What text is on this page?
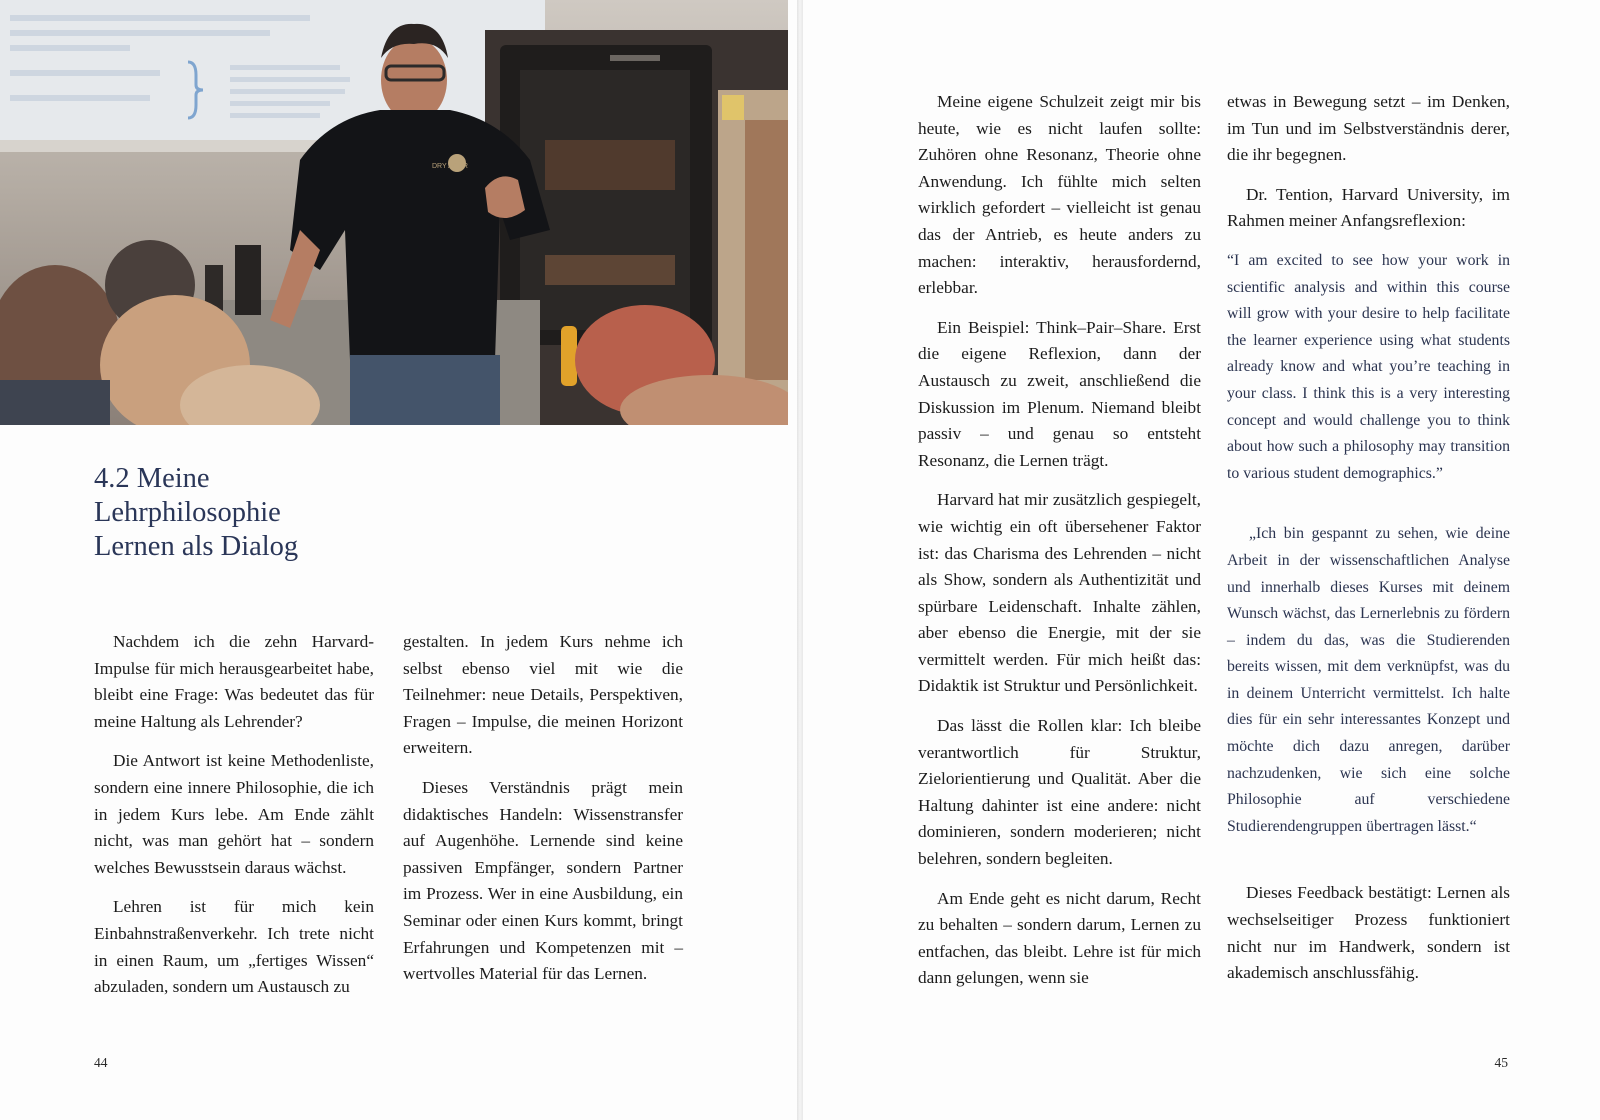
DRY AGER
4.2 Meine
Lehrphilosophie
Lernen als Dialog

Nachdem ich die zehn Harvard-Impulse für mich herausgearbeitet habe, bleibt eine Frage: Was bedeutet das für meine Haltung als Lehrender?

Die Antwort ist keine Methodenliste, sondern eine innere Philosophie, die ich in jedem Kurs lebe. Am Ende zählt nicht, was man gehört hat – sondern welches Bewusstsein daraus wächst.

Lehren ist für mich kein Einbahnstraßenverkehr. Ich trete nicht in einen Raum, um „fertiges Wissen“ abzuladen, sondern um Austausch zu

gestalten. In jedem Kurs nehme ich selbst ebenso viel mit wie die Teilnehmer: neue Details, Perspektiven, Fragen – Impulse, die meinen Horizont erweitern.

Dieses Verständnis prägt mein didaktisches Handeln: Wissenstransfer auf Augenhöhe. Lernende sind keine passiven Empfänger, sondern Partner im Prozess. Wer in eine Ausbildung, ein Seminar oder einen Kurs kommt, bringt Erfahrungen und Kompetenzen mit – wertvolles Material für das Lernen.

44

Meine eigene Schulzeit zeigt mir bis heute, wie es nicht laufen sollte: Zuhören ohne Resonanz, Theorie ohne Anwendung. Ich fühlte mich selten wirklich gefordert – vielleicht ist genau das der Antrieb, es heute anders zu machen: interaktiv, herausfordernd, erlebbar.

Ein Beispiel: Think–Pair–Share. Erst die eigene Reflexion, dann der Austausch zu zweit, anschließend die Diskussion im Plenum. Niemand bleibt passiv – und genau so entsteht Resonanz, die Lernen trägt.

Harvard hat mir zusätzlich gespiegelt, wie wichtig ein oft übersehener Faktor ist: das Charisma des Lehrenden – nicht als Show, sondern als Authentizität und spürbare Leidenschaft. Inhalte zählen, aber ebenso die Energie, mit der sie vermittelt werden. Für mich heißt das: Didaktik ist Struktur und Persönlichkeit.

Das lässt die Rollen klar: Ich bleibe verantwortlich für Struktur, Zielorientierung und Qualität. Aber die Haltung dahinter ist eine andere: nicht dominieren, sondern moderieren; nicht belehren, sondern begleiten.

Am Ende geht es nicht darum, Recht zu behalten – sondern darum, Lernen zu entfachen, das bleibt. Lehre ist für mich dann gelungen, wenn sie

etwas in Bewegung setzt – im Denken, im Tun und im Selbstverständnis derer, die ihr begegnen.

Dr. Tention, Harvard University, im Rahmen meiner Anfangsreflexion:

“I am excited to see how your work in scientific analysis and within this course will grow with your desire to help facilitate the learner experience using what students already know and what you’re teaching in your class. I think this is a very interesting concept and would challenge you to think about how such a philosophy may transition to various student demographics.”

„Ich bin gespannt zu sehen, wie deine Arbeit in der wissenschaftlichen Analyse und innerhalb dieses Kurses mit deinem Wunsch wächst, das Lernerlebnis zu fördern – indem du das, was die Studierenden bereits wissen, mit dem verknüpfst, was du in deinem Unterricht vermittelst. Ich halte dies für ein sehr interessantes Konzept und möchte dich dazu anregen, darüber nachzudenken, wie sich eine solche Philosophie auf verschiedene Studierendengruppen übertragen lässt.“

Dieses Feedback bestätigt: Lernen als wechselseitiger Prozess funktioniert nicht nur im Handwerk, sondern ist akademisch anschlussfähig.

45
